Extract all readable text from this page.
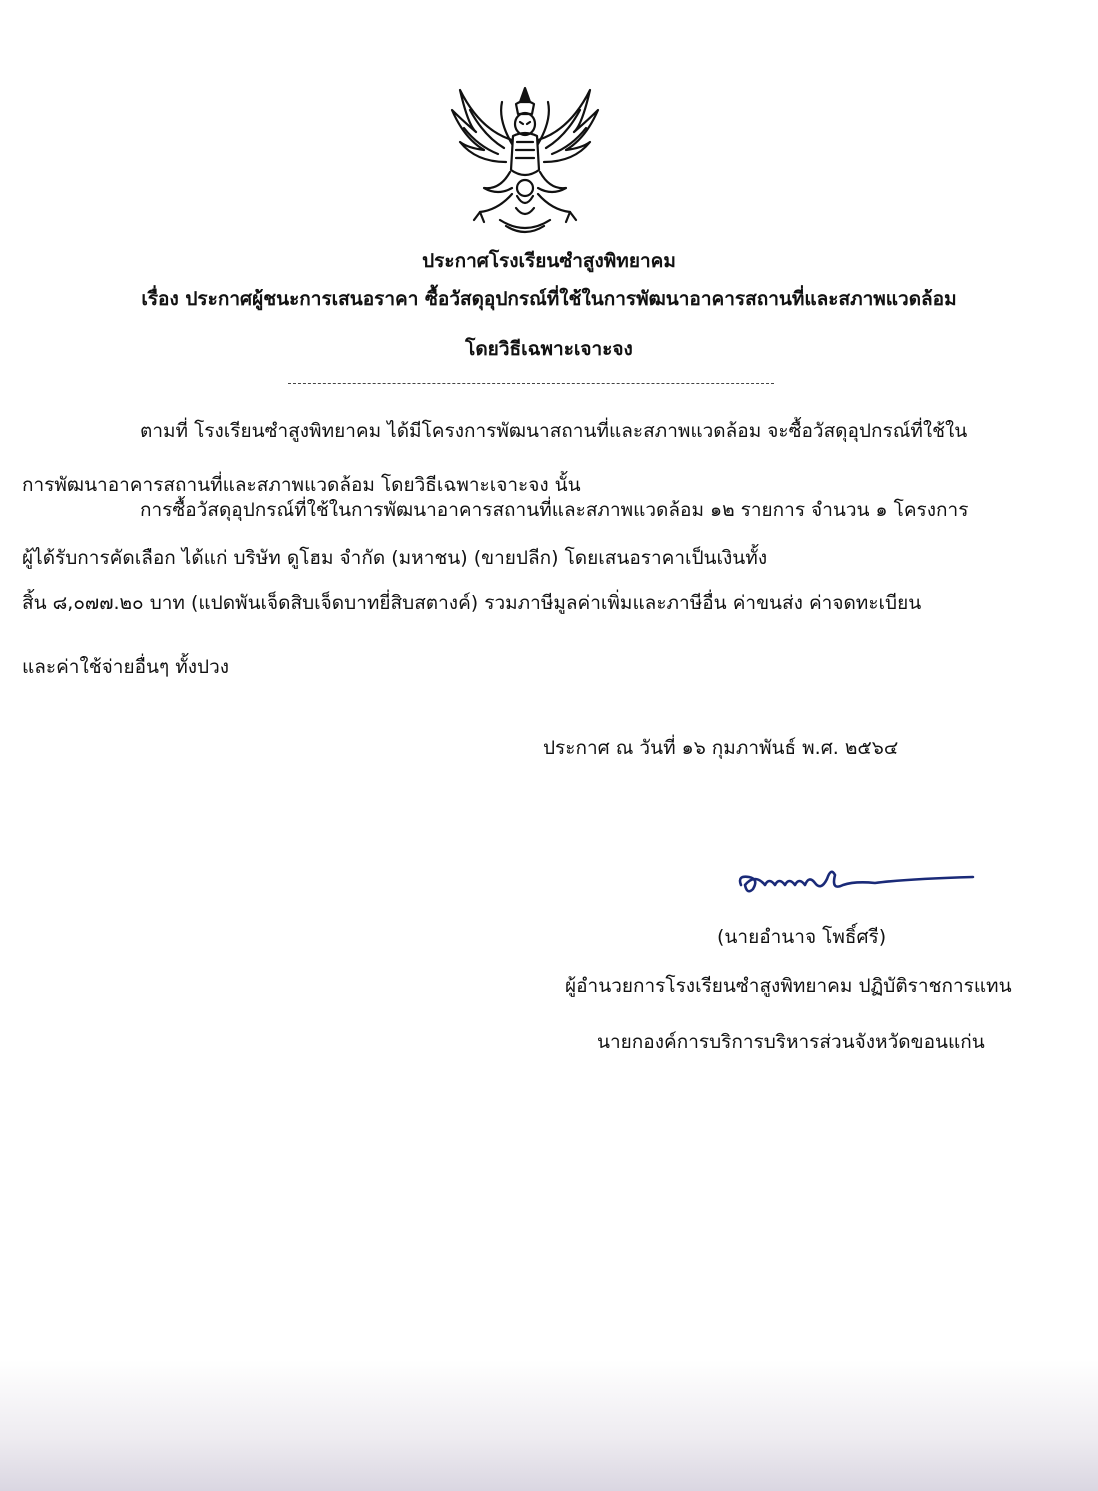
ประกาศโรงเรียนซำสูงพิทยาคม
เรื่อง ประกาศผู้ชนะการเสนอราคา ซื้อวัสดุอุปกรณ์ที่ใช้ในการพัฒนาอาคารสถานที่และสภาพแวดล้อม
โดยวิธีเฉพาะเจาะจง
ตามที่ โรงเรียนซำสูงพิทยาคม ได้มีโครงการพัฒนาสถานที่และสภาพแวดล้อม จะซื้อวัสดุอุปกรณ์ที่ใช้ใน
การพัฒนาอาคารสถานที่และสภาพแวดล้อม โดยวิธีเฉพาะเจาะจง นั้น
การซื้อวัสดุอุปกรณ์ที่ใช้ในการพัฒนาอาคารสถานที่และสภาพแวดล้อม ๑๒ รายการ จำนวน ๑ โครงการ
ผู้ได้รับการคัดเลือก ได้แก่ บริษัท ดูโฮม จำกัด (มหาชน) (ขายปลีก) โดยเสนอราคาเป็นเงินทั้ง
สิ้น ๘,๐๗๗.๒๐ บาท (แปดพันเจ็ดสิบเจ็ดบาทยี่สิบสตางค์) รวมภาษีมูลค่าเพิ่มและภาษีอื่น ค่าขนส่ง ค่าจดทะเบียน
และค่าใช้จ่ายอื่นๆ ทั้งปวง
ประกาศ ณ วันที่ ๑๖ กุมภาพันธ์ พ.ศ. ๒๕๖๔
(นายอำนาจ โพธิ์ศรี)
ผู้อำนวยการโรงเรียนซำสูงพิทยาคม ปฏิบัติราชการแทน
นายกองค์การบริการบริหารส่วนจังหวัดขอนแก่น
